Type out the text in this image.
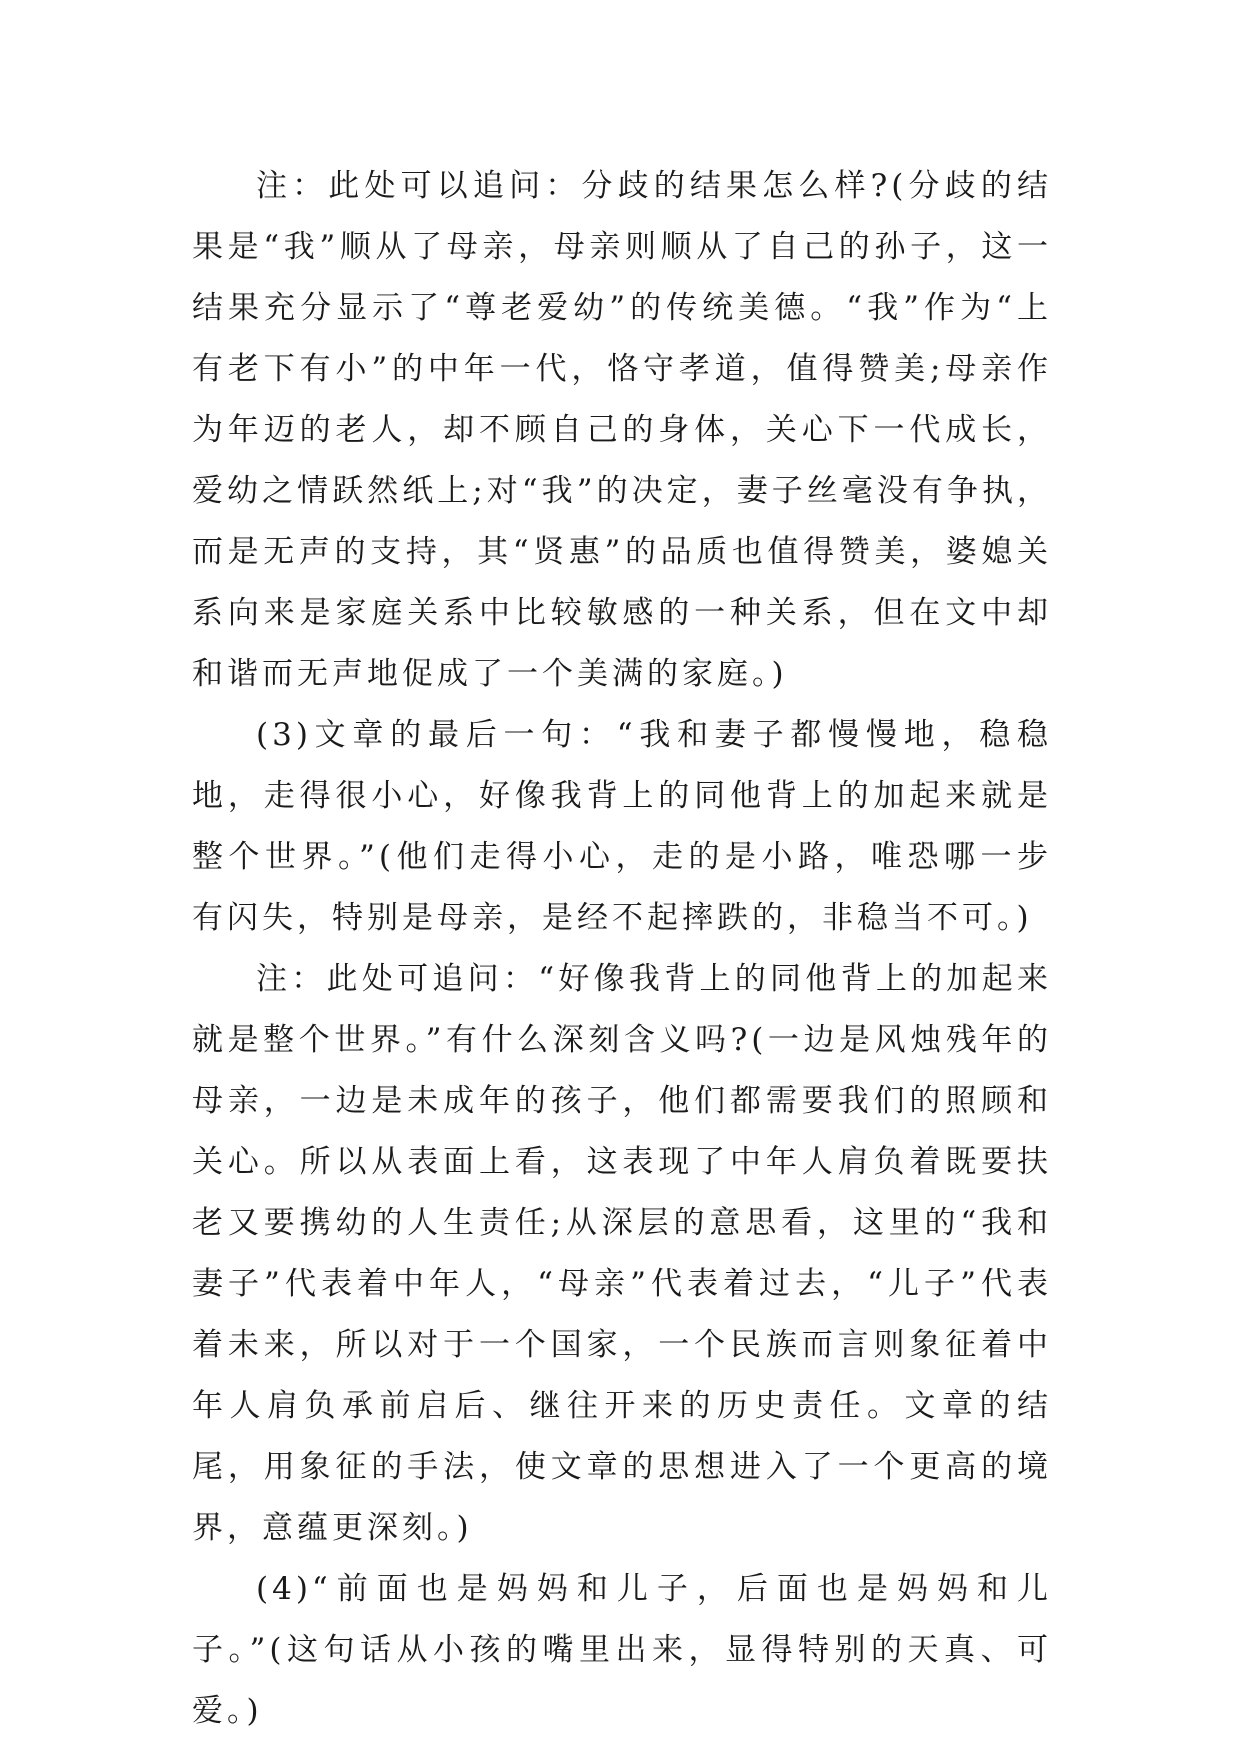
注：此处可以追问：分歧的结果怎么样?(分歧的结果是“我”顺从了母亲，母亲则顺从了自己的孙子，这一结果充分显示了“尊老爱幼”的传统美德。“我”作为“上有老下有小”的中年一代，恪守孝道，值得赞美;母亲作为年迈的老人，却不顾自己的身体，关心下一代成长，爱幼之情跃然纸上;对“我”的决定，妻子丝毫没有争执，而是无声的支持，其“贤惠”的品质也值得赞美，婆媳关系向来是家庭关系中比较敏感的一种关系，但在文中却和谐而无声地促成了一个美满的家庭。)

(3)文章的最后一句：“我和妻子都慢慢地，稳稳地，走得很小心，好像我背上的同他背上的加起来就是整个世界。”(他们走得小心，走的是小路，唯恐哪一步有闪失，特别是母亲，是经不起摔跌的，非稳当不可。)

注：此处可追问：“好像我背上的同他背上的加起来就是整个世界。”有什么深刻含义吗?(一边是风烛残年的母亲，一边是未成年的孩子，他们都需要我们的照顾和关心。所以从表面上看，这表现了中年人肩负着既要扶老又要携幼的人生责任;从深层的意思看，这里的“我和妻子”代表着中年人，“母亲”代表着过去，“儿子”代表着未来，所以对于一个国家，一个民族而言则象征着中年人肩负承前启后、继往开来的历史责任。文章的结尾，用象征的手法，使文章的思想进入了一个更高的境界，意蕴更深刻。)

(4)“前面也是妈妈和儿子，后面也是妈妈和儿子。”(这句话从小孩的嘴里出来，显得特别的天真、可爱。)
